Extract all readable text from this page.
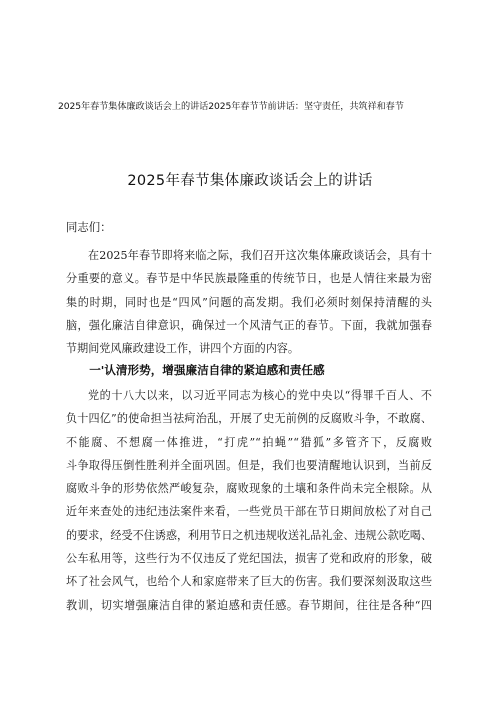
2025年春节集体廉政谈话会上的讲话2025年春节节前讲话：坚守责任，共筑祥和春节
2025年春节集体廉政谈话会上的讲话
同志们：
在2025年春节即将来临之际，我们召开这次集体廉政谈话会，具有十
分重要的意义。春节是中华民族最隆重的传统节日，也是人情往来最为密
集的时期，同时也是“四风”问题的高发期。我们必须时刻保持清醒的头
脑，强化廉洁自律意识，确保过一个风清气正的春节。下面，我就加强春
节期间党风廉政建设工作，讲四个方面的内容。
一'认清形势，增强廉洁自律的紧迫感和责任感
党的十八大以来，以习近平同志为核心的党中央以“得罪千百人、不
负十四亿”的使命担当祛疴治乱，开展了史无前例的反腐败斗争，不敢腐、
不能腐、不想腐一体推进，“打虎”“拍蝇”“猎狐”多管齐下，反腐败
斗争取得压倒性胜利并全面巩固。但是，我们也要清醒地认识到，当前反
腐败斗争的形势依然严峻复杂，腐败现象的土壤和条件尚未完全根除。从
近年来查处的违纪违法案件来看，一些党员干部在节日期间放松了对自己
的要求，经受不住诱惑，利用节日之机违规收送礼品礼金、违规公款吃喝、
公车私用等，这些行为不仅违反了党纪国法，损害了党和政府的形象，破
坏了社会风气，也给个人和家庭带来了巨大的伤害。我们要深刻汲取这些
教训，切实增强廉洁自律的紧迫感和责任感。春节期间，往往是各种“四
